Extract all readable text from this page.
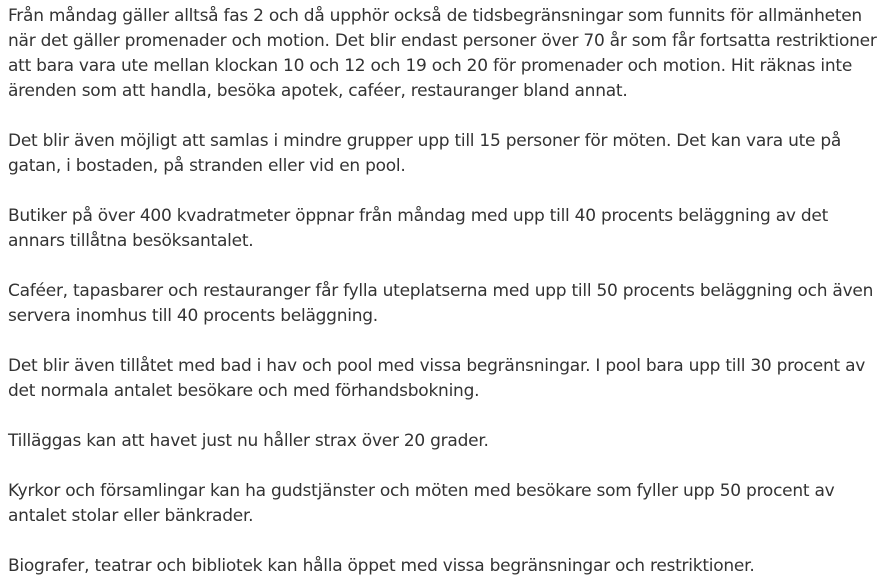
Från måndag gäller alltså fas 2 och då upphör också de tidsbegränsningar som funnits för allmänheten när det gäller promenader och motion. Det blir endast personer över 70 år som får fortsatta restriktioner att bara vara ute mellan klockan 10 och 12 och 19 och 20 för promenader och motion. Hit räknas inte ärenden som att handla, besöka apotek, caféer, restauranger bland annat.

Det blir även möjligt att samlas i mindre grupper upp till 15 personer för möten. Det kan vara ute på gatan, i bostaden, på stranden eller vid en pool.

Butiker på över 400 kvadratmeter öppnar från måndag med upp till 40 procents beläggning av det annars tillåtna besöksantalet.

Caféer, tapasbarer och restauranger får fylla uteplatserna med upp till 50 procents beläggning och även servera inomhus till 40 procents beläggning.

Det blir även tillåtet med bad i hav och pool med vissa begränsningar. I pool bara upp till 30 procent av det normala antalet besökare och med förhandsbokning.

Tilläggas kan att havet just nu håller strax över 20 grader.

Kyrkor och församlingar kan ha gudstjänster och möten med besökare som fyller upp 50 procent av antalet stolar eller bänkrader.

Biografer, teatrar och bibliotek kan hålla öppet med vissa begränsningar och restriktioner.
